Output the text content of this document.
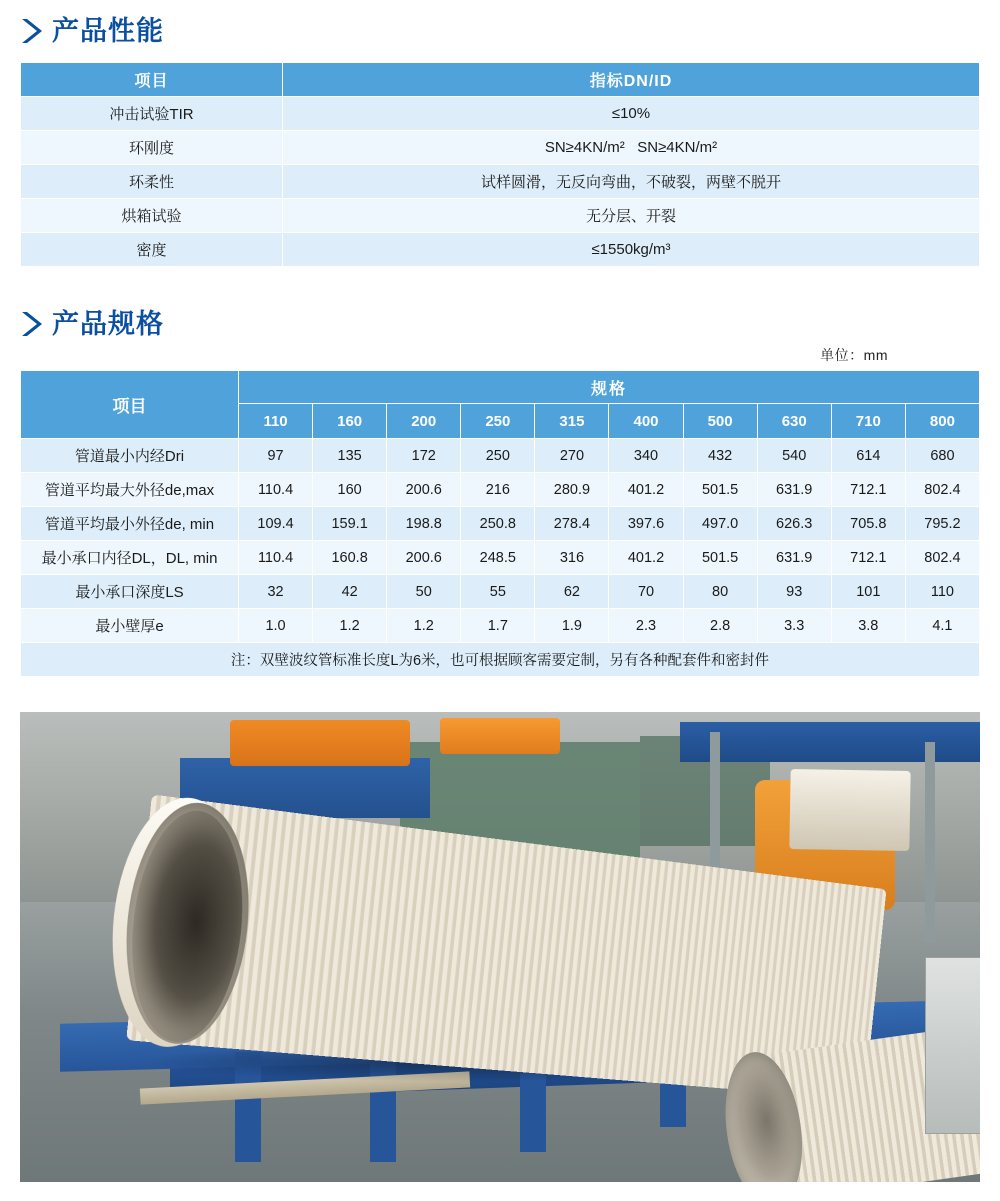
产品性能
项目	指标DN/ID
冲击试验TIR	≤10%
环刚度	SN≥4KN/m²   SN≥4KN/m²
环柔性	试样圆滑，无反向弯曲，不破裂，两壁不脱开
烘箱试验	无分层、开裂
密度	≤1550kg/m³
产品规格
单位：mm
项目	规格									
	110	160	200	250	315	400	500	630	710	800
管道最小内经Dri	97	135	172	250	270	340	432	540	614	680
管道平均最大外径de,max	110.4	160	200.6	216	280.9	401.2	501.5	631.9	712.1	802.4
管道平均最小外径de, min	109.4	159.1	198.8	250.8	278.4	397.6	497.0	626.3	705.8	795.2
最小承口内径DL，DL, min	110.4	160.8	200.6	248.5	316	401.2	501.5	631.9	712.1	802.4
最小承口深度LS	32	42	50	55	62	70	80	93	101	110
最小壁厚e	1.0	1.2	1.2	1.7	1.9	2.3	2.8	3.3	3.8	4.1
注：双壁波纹管标准长度L为6米，也可根据顾客需要定制，另有各种配套件和密封件										
